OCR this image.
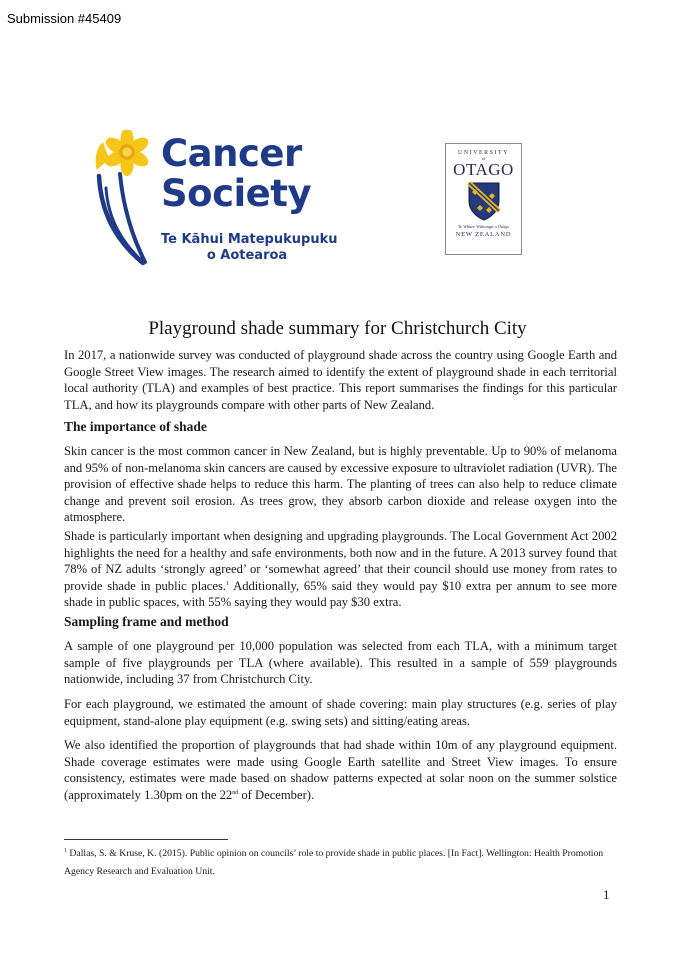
Submission #45409
Cancer
Society
Te Kāhui Matepukupuku
o Aotearoa
UNIVERSITY
of
OTAGO
Te Whare Wānanga o Otāgo
NEW ZEALAND
Playground shade summary for Christchurch City
In 2017, a nationwide survey was conducted of playground shade across the country using Google Earth and Google Street View images. The research aimed to identify the extent of playground shade in each territorial local authority (TLA) and examples of best practice. This report summarises the findings for this particular TLA, and how its playgrounds compare with other parts of New Zealand.
The importance of shade
Skin cancer is the most common cancer in New Zealand, but is highly preventable. Up to 90% of melanoma and 95% of non-melanoma skin cancers are caused by excessive exposure to ultraviolet radiation (UVR). The provision of effective shade helps to reduce this harm. The planting of trees can also help to reduce climate change and prevent soil erosion. As trees grow, they absorb carbon dioxide and release oxygen into the atmosphere.
Shade is particularly important when designing and upgrading playgrounds. The Local Government Act 2002 highlights the need for a healthy and safe environments, both now and in the future. A 2013 survey found that 78% of NZ adults ‘strongly agreed’ or ‘somewhat agreed’ that their council should use money from rates to provide shade in public places.$^1$ Additionally, 65% said they would pay $10 extra per annum to see more shade in public spaces, with 55% saying they would pay $30 extra.
Sampling frame and method
A sample of one playground per 10,000 population was selected from each TLA, with a minimum target sample of five playgrounds per TLA (where available). This resulted in a sample of 559 playgrounds nationwide, including 37 from Christchurch City.
For each playground, we estimated the amount of shade covering: main play structures (e.g. series of play equipment, stand-alone play equipment (e.g. swing sets) and sitting/eating areas.
We also identified the proportion of playgrounds that had shade within 10m of any playground equipment. Shade coverage estimates were made using Google Earth satellite and Street View images. To ensure consistency, estimates were made based on shadow patterns expected at solar noon on the summer solstice (approximately 1.30pm on the 22nd of December).
$^1$ Dallas, S. & Kruse, K. (2015). Public opinion on councils’ role to provide shade in public places. [In Fact]. Wellington: Health Promotion Agency Research and Evaluation Unit.
1
